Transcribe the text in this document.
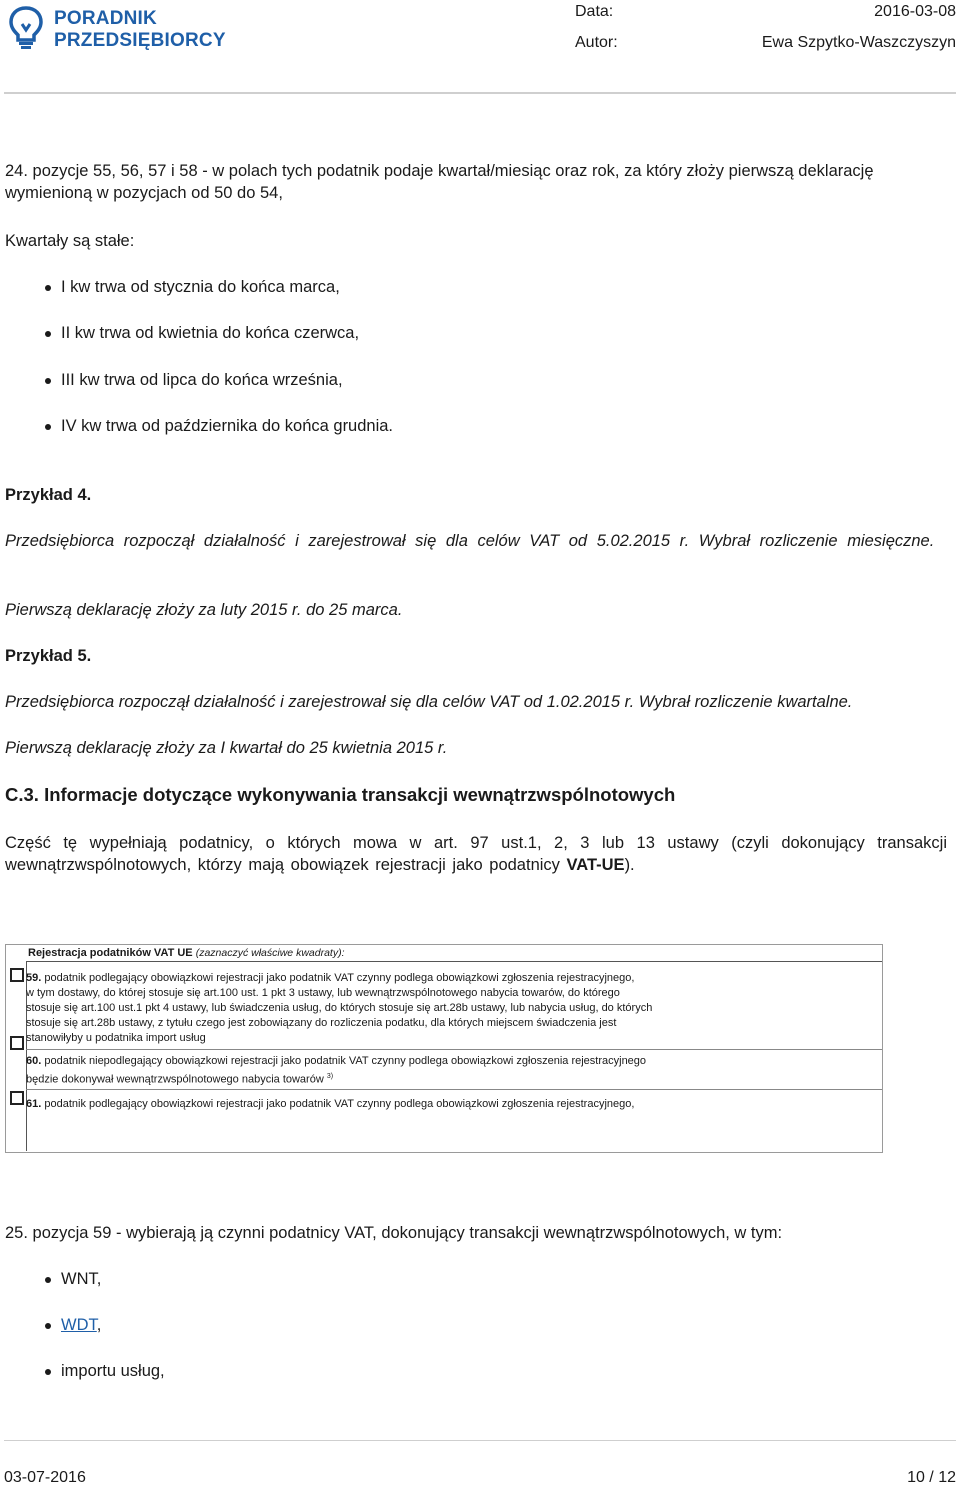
PORADNIK
PRZEDSIĘBIORCY
Data:	2016-03-08
Autor:	Ewa Szpytko-Waszczyszyn

24. pozycje 55, 56, 57 i 58 - w polach tych podatnik podaje kwartał/miesiąc oraz rok, za który złoży pierwszą deklarację wymienioną w pozycjach od 50 do 54,

Kwartały są stałe:

I kw trwa od stycznia do końca marca,
II kw trwa od kwietnia do końca czerwca,
III kw trwa od lipca do końca września,
IV kw trwa od października do końca grudnia.

Przykład 4.

Przedsiębiorca rozpoczął działalność i zarejestrował się dla celów VAT od 5.02.2015 r. Wybrał rozliczenie miesięczne.

Pierwszą deklarację złoży za luty 2015 r. do 25 marca.

Przykład 5.

Przedsiębiorca rozpoczął działalność i zarejestrował się dla celów VAT od 1.02.2015 r. Wybrał rozliczenie kwartalne.

Pierwszą deklarację złoży za I kwartał do 25 kwietnia 2015 r.

C.3. Informacje dotyczące wykonywania transakcji wewnątrzwspólnotowych

Część tę wypełniają podatnicy, o których mowa w art. 97 ust.1, 2, 3 lub 13 ustawy (czyli dokonujący transakcji wewnątrzwspólnotowych, którzy mają obowiązek rejestracji jako podatnicy VAT-UE).

Rejestracja podatników VAT UE (zaznaczyć właściwe kwadraty):
59. podatnik podlegający obowiązkowi rejestracji jako podatnik VAT czynny podlega obowiązkowi zgłoszenia rejestracyjnego,
w tym dostawy, do której stosuje się art.100 ust. 1 pkt 3 ustawy, lub wewnątrzwspólnotowego nabycia towarów, do którego
stosuje się art.100 ust.1 pkt 4 ustawy, lub świadczenia usług, do których stosuje się art.28b ustawy, lub nabycia usług, do których
stosuje się art.28b ustawy, z tytułu czego jest zobowiązany do rozliczenia podatku, dla których miejscem świadczenia jest
stanowiłyby u podatnika import usług
60. podatnik niepodlegający obowiązkowi rejestracji jako podatnik VAT czynny podlega obowiązkowi zgłoszenia rejestracyjnego
będzie dokonywał wewnątrzwspólnotowego nabycia towarów $^{3)}$
61. podatnik podlegający obowiązkowi rejestracji jako podatnik VAT czynny podlega obowiązkowi zgłoszenia rejestracyjnego,

25. pozycja 59 - wybierają ją czynni podatnicy VAT, dokonujący transakcji wewnątrzwspólnotowych, w tym:

WNT,
WDT,
importu usług,
03-07-2016	10 / 12
